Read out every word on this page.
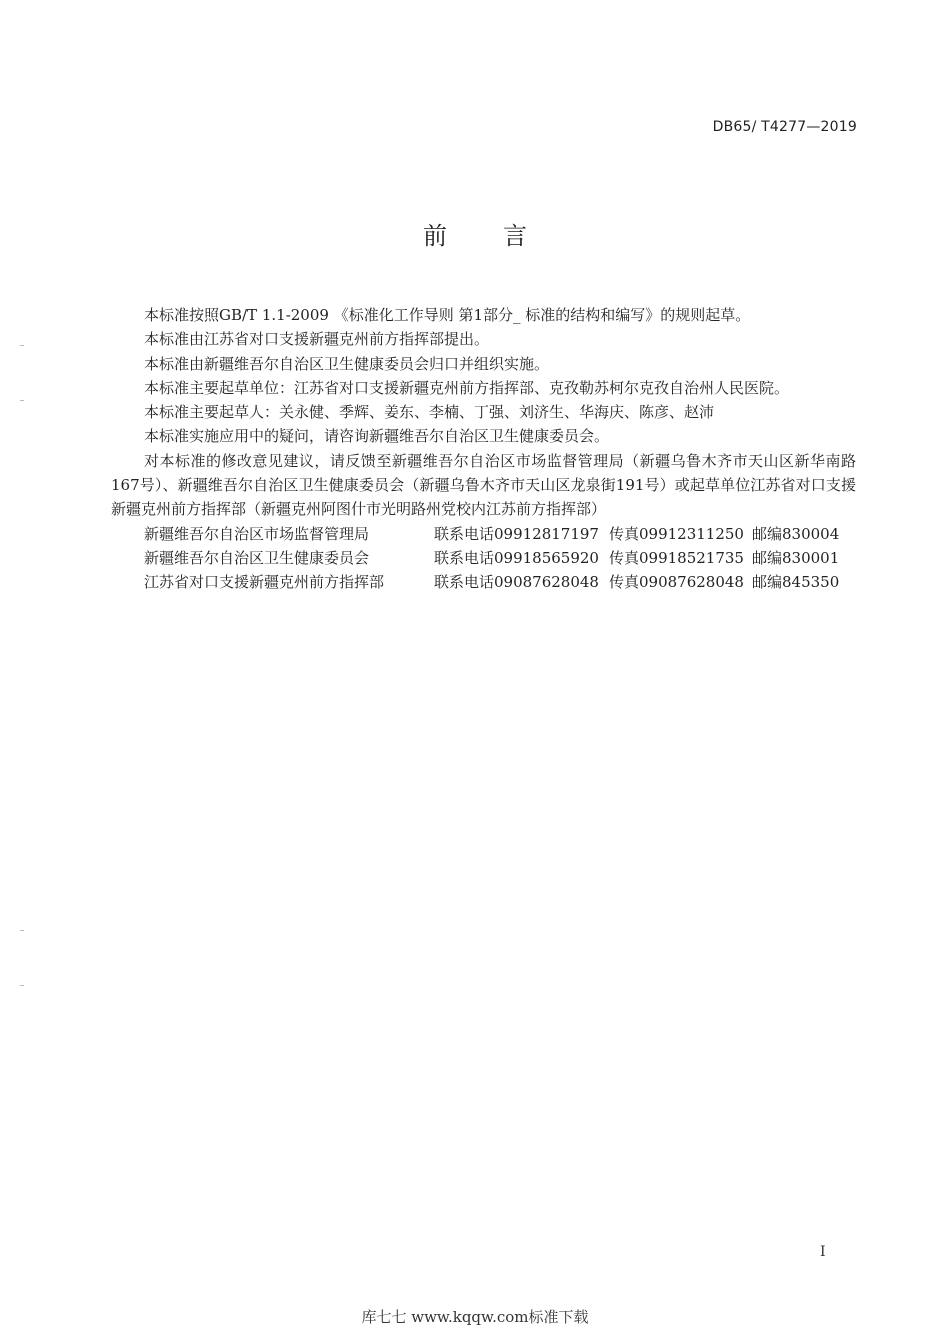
DB65/ T4277—2019
前 言

本标准按照GB/T 1.1-2009 《标准化工作导则 第1部分_ 标准的结构和编写》的规则起草。

本标准由江苏省对口支援新疆克州前方指挥部提出。

本标准由新疆维吾尔自治区卫生健康委员会归口并组织实施。

本标准主要起草单位：江苏省对口支援新疆克州前方指挥部、克孜勒苏柯尔克孜自治州人民医院。

本标准主要起草人：关永健、季辉、姜东、李楠、丁强、刘济生、华海庆、陈彦、赵沛

本标准实施应用中的疑问，请咨询新疆维吾尔自治区卫生健康委员会。

对本标准的修改意见建议，请反馈至新疆维吾尔自治区市场监督管理局（新疆乌鲁木齐市天山区新华南路167号）、新疆维吾尔自治区卫生健康委员会（新疆乌鲁木齐市天山区龙泉街191号）或起草单位江苏省对口支援新疆克州前方指挥部（新疆克州阿图什市光明路州党校内江苏前方指挥部）

新疆维吾尔自治区市场监督管理局	联系电话09912817197 传真09912311250 邮编830004
新疆维吾尔自治区卫生健康委员会	联系电话09918565920 传真09918521735 邮编830001
江苏省对口支援新疆克州前方指挥部	联系电话09087628048 传真09087628048 邮编845350
I
库七七 www.kqqw.com标准下载
